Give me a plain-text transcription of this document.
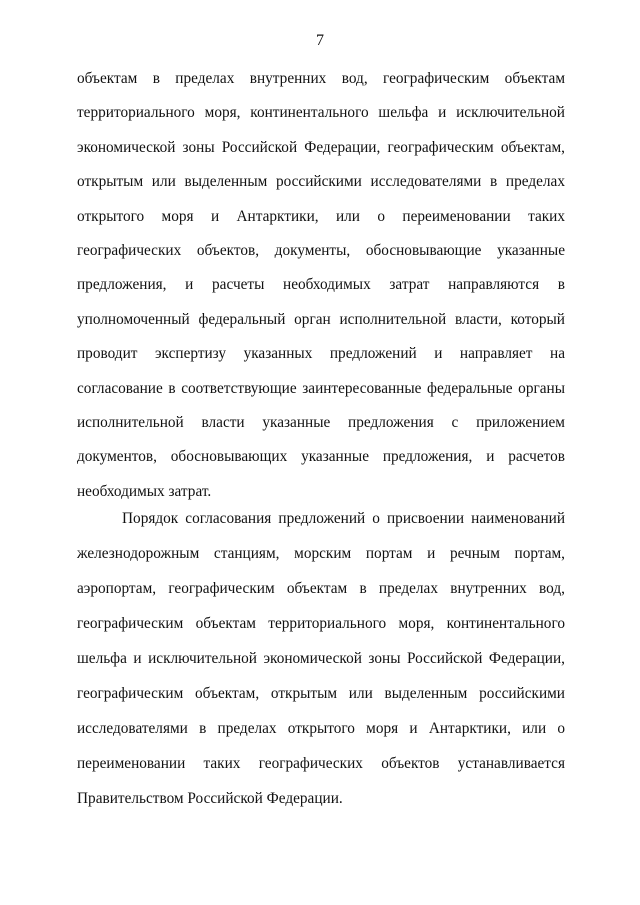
7
объектам в пределах внутренних вод, географическим объектам
территориального моря, континентального шельфа и исключительной
экономической зоны Российской Федерации, географическим объектам,
открытым или выделенным российскими исследователями в пределах
открытого моря и Антарктики, или о переименовании таких
географических объектов, документы, обосновывающие указанные
предложения, и расчеты необходимых затрат направляются в
уполномоченный федеральный орган исполнительной власти, который
проводит экспертизу указанных предложений и направляет на
согласование в соответствующие заинтересованные федеральные органы
исполнительной власти указанные предложения с приложением
документов, обосновывающих указанные предложения, и расчетов
необходимых затрат.
Порядок согласования предложений о присвоении наименований
железнодорожным станциям, морским портам и речным портам,
аэропортам, географическим объектам в пределах внутренних вод,
географическим объектам территориального моря, континентального
шельфа и исключительной экономической зоны Российской Федерации,
географическим объектам, открытым или выделенным российскими
исследователями в пределах открытого моря и Антарктики, или о
переименовании таких географических объектов устанавливается
Правительством Российской Федерации.
